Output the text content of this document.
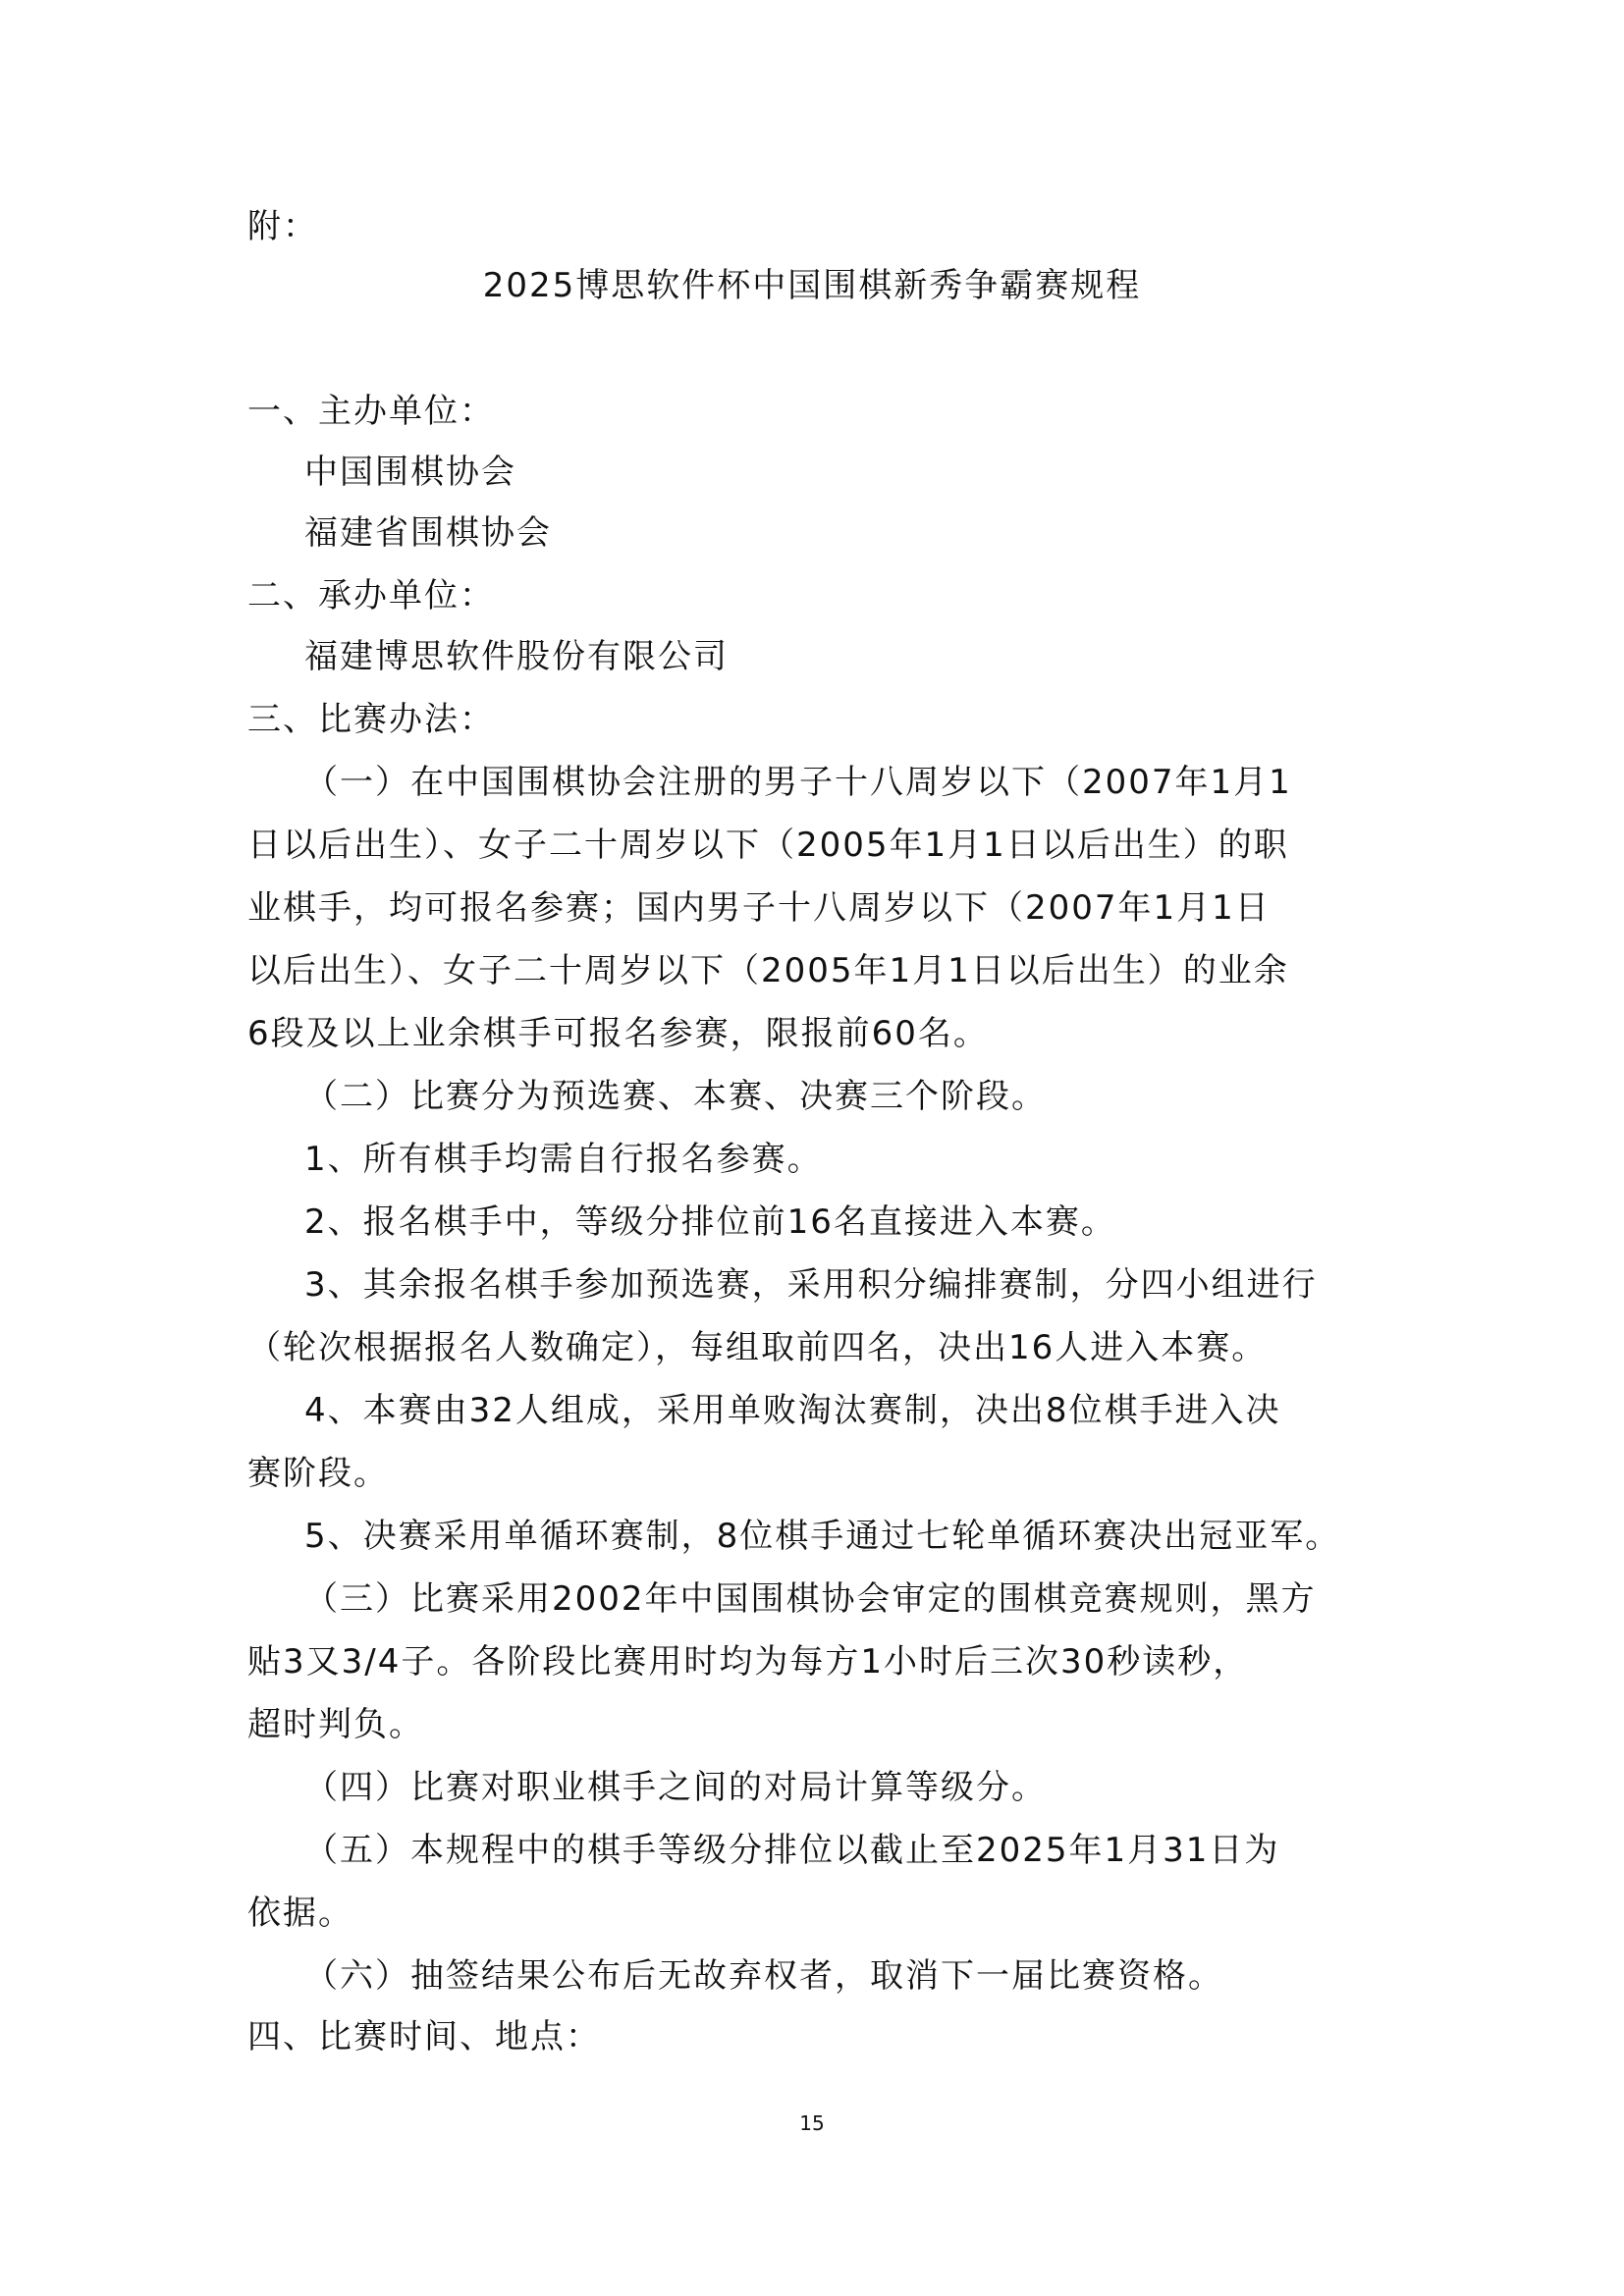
附：
2025博思软件杯中国围棋新秀争霸赛规程
一、主办单位：
中国围棋协会
福建省围棋协会
二、承办单位：
福建博思软件股份有限公司
三、比赛办法：
（一）在中国围棋协会注册的男子十八周岁以下（2007年1月1
日以后出生）、女子二十周岁以下（2005年1月1日以后出生）的职
业棋手，均可报名参赛；国内男子十八周岁以下（2007年1月1日
以后出生）、女子二十周岁以下（2005年1月1日以后出生）的业余
6段及以上业余棋手可报名参赛，限报前60名。
（二）比赛分为预选赛、本赛、决赛三个阶段。
1、所有棋手均需自行报名参赛。
2、报名棋手中，等级分排位前16名直接进入本赛。
3、其余报名棋手参加预选赛，采用积分编排赛制，分四小组进行
（轮次根据报名人数确定），每组取前四名，决出16人进入本赛。
4、本赛由32人组成，采用单败淘汰赛制，决出8位棋手进入决
赛阶段。
5、决赛采用单循环赛制，8位棋手通过七轮单循环赛决出冠亚军。
（三）比赛采用2002年中国围棋协会审定的围棋竞赛规则，黑方
贴3又3/4子。各阶段比赛用时均为每方1小时后三次30秒读秒，
超时判负。
（四）比赛对职业棋手之间的对局计算等级分。
（五）本规程中的棋手等级分排位以截止至2025年1月31日为
依据。
（六）抽签结果公布后无故弃权者，取消下一届比赛资格。
四、比赛时间、地点：
15
